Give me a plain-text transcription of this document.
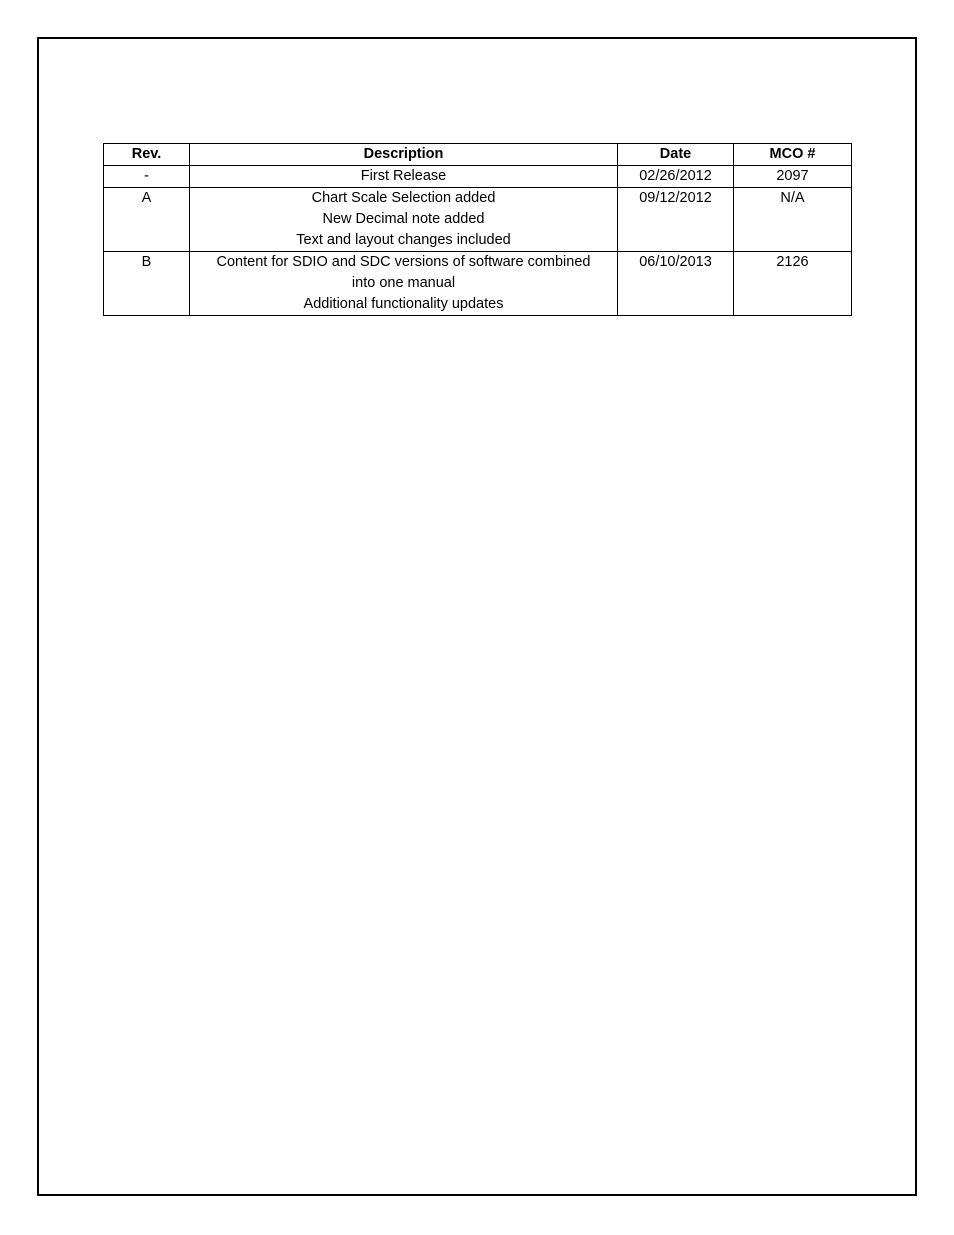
Rev.	Description	Date	MCO #
-	First Release	02/26/2012	2097
A	Chart Scale Selection added
New Decimal note added
Text and layout changes included	09/12/2012	N/A
B	Content for SDIO and SDC versions of software combined
into one manual
Additional functionality updates	06/10/2013	2126
